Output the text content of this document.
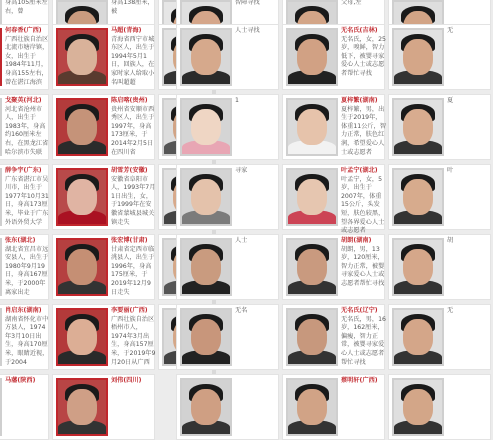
身高105厘米左右，曾
身高138厘米，被
何春香(广西)
广西壮族自治区北流市塘岸镇，女，出生于1984年11月，身高155左右，曾在湛江海滨
马超(青海)
青海省西宁市城东区人，出生于1994年5月1日，回族人，在家时家人给取小名叫超超
戈聚英(河北)
河北省沧州市人，出生于1983年，身高约160厘米左右，在黑龙江省哈尔滨市失联
陈启喀(贵州)
贵州省安顺市西秀区人，出生于1997年，身高173厘米，于2014年2月5日在四川省
薛争宇(广东)
广东省湛江市吴川市，出生于1977年10月31日，身高173厘米，毕业于广东外语外贸大学
胡雪芳(安徽)
安徽省阜阳市人，1993年7月1日出生，女，于1999年在安徽省蒙城县城关镇走失
张东(湖北)
湖北省宜昌市远安县人，出生于1980年9月19日，身高167厘米，于2000年离家出走
张宏博(甘肃)
甘肃省定西市临洮县人，出生于1996年，身高175厘米，于2019年12月9日走失
肖启东(湖南)
湖南省怀化市中方县人，1974年3月10日出生，身高170厘米，眼睛近视，于2004
李要丽(广西)
广西壮族自治区梧州市人，1974年3月出生，身高157厘米，于2019年9月20日从广西
马藩(陕西)	刘伟(四川)
智障寻找	父母,左
人士寻找	无名氏(吉林)
无名氏，女，25岁，嗅鲜，智力低下，被婴寻家爱心人士或志愿者帮忙寻找
无
1	夏梓繁(湖南)
夏梓繁，男，出生于2019年，体重11公斤，智力正常，肤色红润，希望爱心人士或志愿者
夏
寻家	叶孟宁(湖北)
叶孟宁，女，5岁，出生于2007年，体重15公斤，头发短，肤色较黑，望各界爱心人士或志愿者
叶
人士	胡朗(湖南)
胡朗，男，13岁，120厘米，智力正常，被婴寻家爱心人士或志愿者帮忙寻找
胡
无名	无名氏(辽宁)
无名氏，男，16岁，162厘米，偏瘦，智力正常，被婴寻家爱心人士或志愿者帮忙寻找
无
蔡明轩(广西)
